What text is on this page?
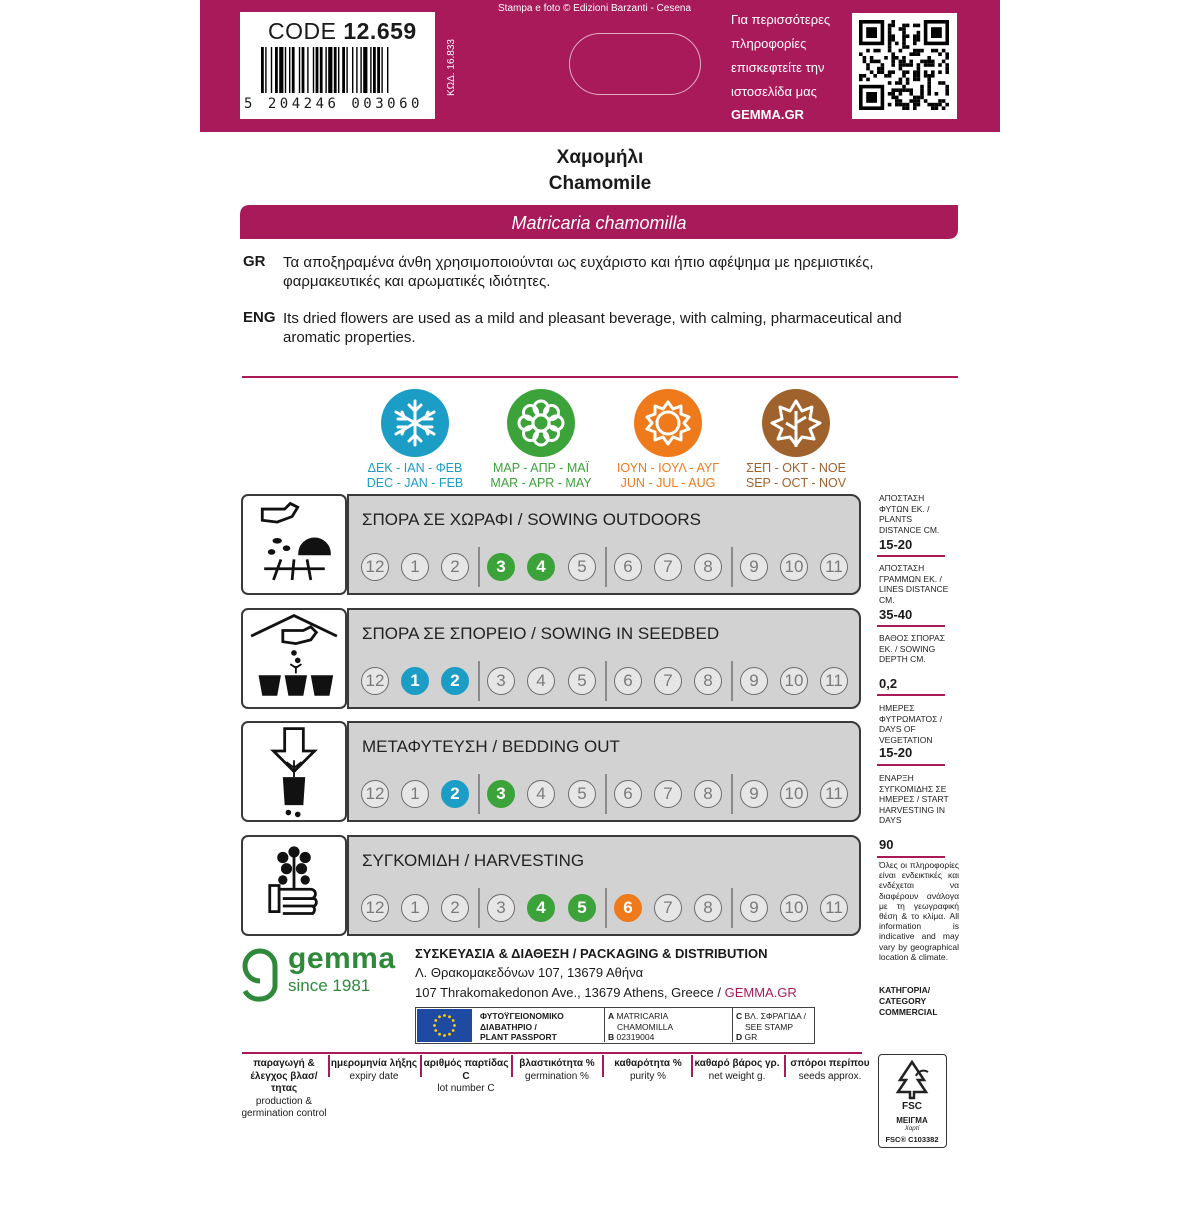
CODE 12.659
5 204246 003060
ΚΩΔ. 16.833
Stampa e foto © Edizioni Barzanti - Cesena
Για περισσότερες
πληροφορίες
επισκεφτείτε την
ιστοσελίδα μας
GEMMA.GR
Χαμομήλι
Chamomile
Matricaria chamomilla
GR Τα αποξηραμένα άνθη χρησιμοποιούνται ως ευχάριστο και ήπιο αφέψημα με ηρεμιστικές, φαρμακευτικές και αρωματικές ιδιότητες.
ENG Its dried flowers are used as a mild and pleasant beverage, with calming, pharmaceutical and aromatic properties.
ΔΕΚ - ΙΑΝ - ΦΕΒ
DEC - JAN - FEB
ΜΑΡ - ΑΠΡ - ΜΑΪ
MAR - APR - MAY
ΙΟΥΝ - ΙΟΥΛ - ΑΥΓ
JUN - JUL - AUG
ΣΕΠ - ΟΚΤ - ΝΟΕ
SEP - OCT - NOV
ΣΠΟΡΑ ΣΕ ΧΩΡΑΦΙ / SOWING OUTDOORS
12	1	2	3	4	5	6	7	8	9	10	11
ΣΠΟΡΑ ΣΕ ΣΠΟΡΕΙΟ / SOWING IN SEEDBED
12	1	2	3	4	5	6	7	8	9	10	11
ΜΕΤΑΦΥΤΕΥΣΗ / BEDDING OUT
12	1	2	3	4	5	6	7	8	9	10	11
ΣΥΓΚΟΜΙΔΗ / HARVESTING
12	1	2	3	4	5	6	7	8	9	10	11
ΑΠΟΣΤΑΣΗ ΦΥΤΩΝ ΕΚ. / PLANTS DISTANCE CM.
15-20
ΑΠΟΣΤΑΣΗ ΓΡΑΜΜΩΝ ΕΚ. / LINES DISTANCE CM.
35-40
ΒΑΘΟΣ ΣΠΟΡΑΣ ΕΚ. / SOWING DEPTH CM.
0,2
ΗΜΕΡΕΣ ΦΥΤΡΩΜΑΤΟΣ / DAYS OF VEGETATION
15-20
ΕΝΑΡΞΗ ΣΥΓΚΟΜΙΔΗΣ ΣΕ ΗΜΕΡΕΣ / START HARVESTING IN DAYS
90
Όλες οι πληροφορίες είναι ενδεικτικές και ενδέχεται να διαφέρουν ανάλογα με τη γεωγραφική θέση & το κλίμα. All information is indicative and may vary by geographical location & climate.
ΚΑΤΗΓΟΡΙΑ/
CATEGORY
COMMERCIAL
gemma
since 1981
ΣΥΣΚΕΥΑΣΙΑ & ΔΙΑΘΕΣΗ / PACKAGING & DISTRIBUTION
Λ. Θρακομακεδόνων 107, 13679 Αθήνα
107 Thrakomakedonon Ave., 13679 Athens, Greece / GEMMA.GR
ΦΥΤΟΫΓΕΙΟΝΟΜΙΚΟ
ΔΙΑΒΑΤΗΡΙΟ /
PLANT PASSPORT
A MATRICARIA
CHAMOMILLA
B 02319004
C ΒΛ. ΣΦΡΑΓΙΔΑ /
SEE STAMP
D GR
παραγωγή & έλεγχος βλασ/τητας
production & germination control
ημερομηνία λήξης
expiry date
αριθμός παρτίδας C
lot number C
βλαστικότητα %
germination %
καθαρότητα %
purity %
καθαρό βάρος γρ.
net weight g.
σπόροι περίπου
seeds approx.
FSC
ΜΕΙΓΜΑ
Χαρτί
FSC® C103382
